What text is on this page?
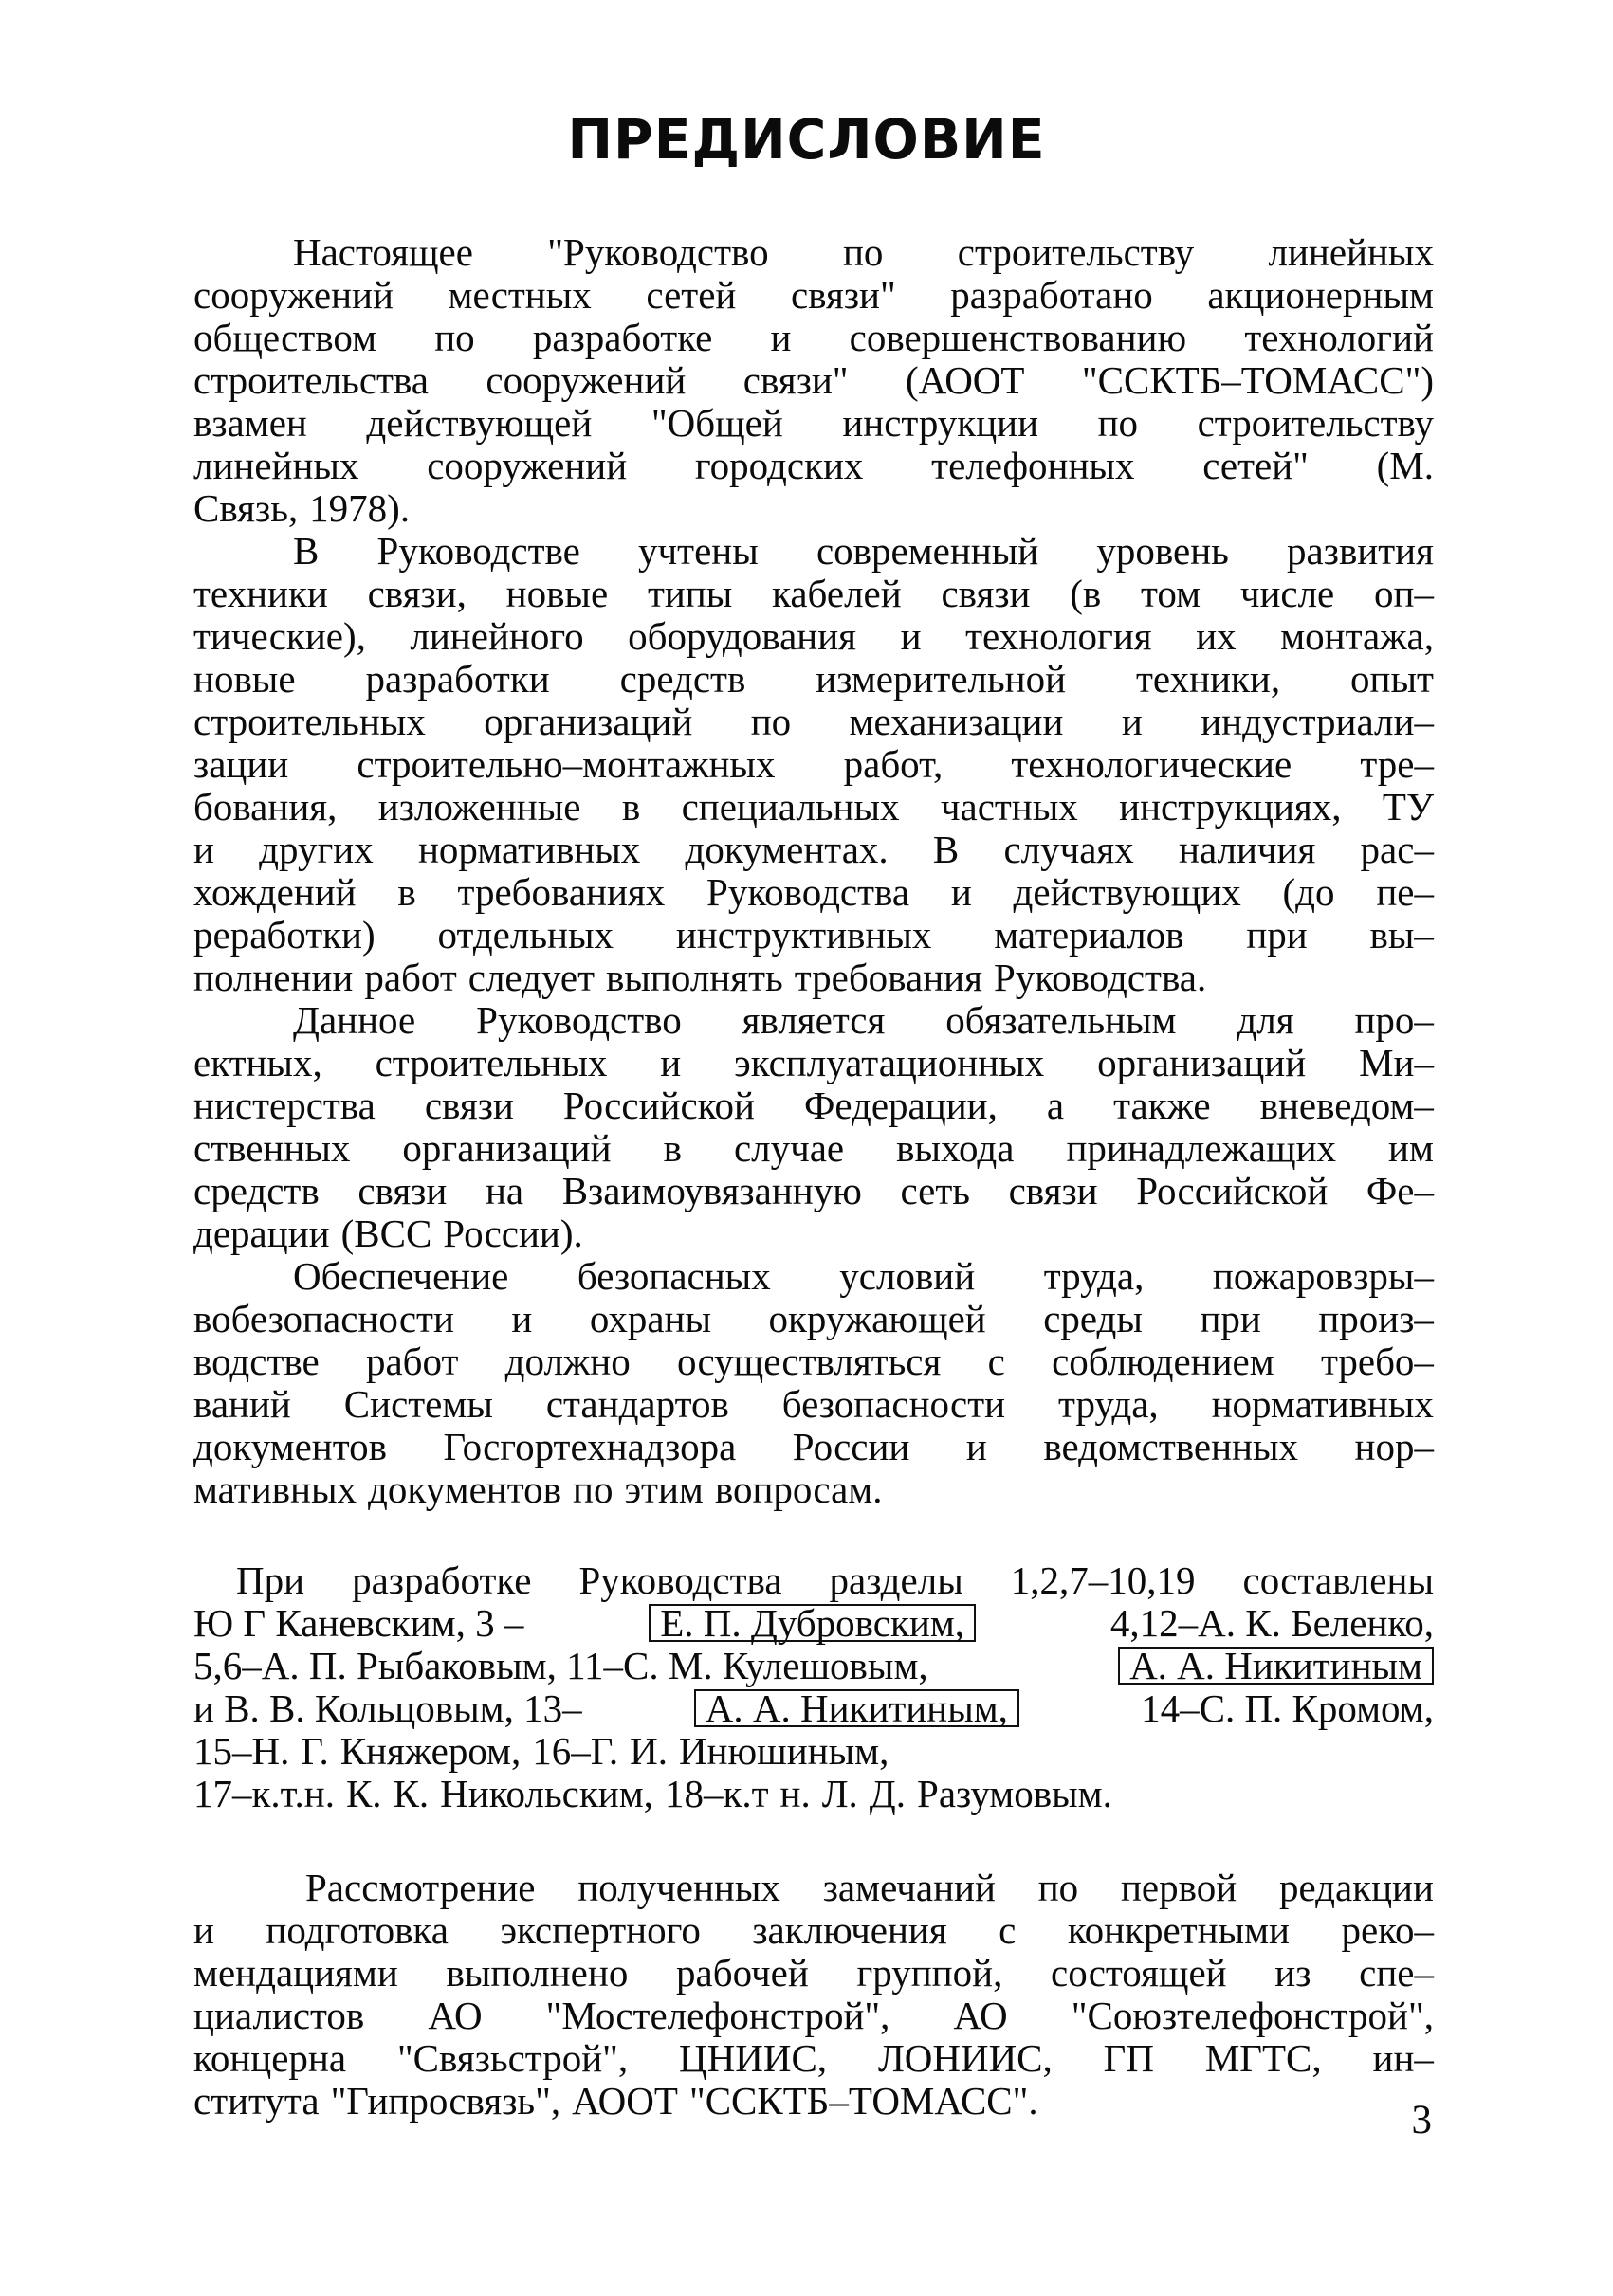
ПРЕДИСЛОВИЕ
Настоящее "Руководство по строительству линейных
сооружений местных сетей связи" разработано акционерным
обществом по разработке и совершенствованию технологий
строительства сооружений связи" (АООТ "ССКТБ–ТОМАСС")
взамен действующей "Общей инструкции по строительству
линейных сооружений городских телефонных сетей" (М.
Связь, 1978).
В Руководстве учтены современный уровень развития
техники связи, новые типы кабелей связи (в том числе оп–
тические), линейного оборудования и технология их монтажа,
новые разработки средств измерительной техники, опыт
строительных организаций по механизации и индустриали–
зации строительно–монтажных работ, технологические тре–
бования, изложенные в специальных частных инструкциях, ТУ
и других нормативных документах. В случаях наличия рас–
хождений в требованиях Руководства и действующих (до пе–
реработки) отдельных инструктивных материалов при вы–
полнении работ следует выполнять требования Руководства.
Данное Руководство является обязательным для про–
ектных, строительных и эксплуатационных организаций Ми–
нистерства связи Российской Федерации, а также вневедом–
ственных организаций в случае выхода принадлежащих им
средств связи на Взаимоувязанную сеть связи Российской Фе–
дерации (ВСС России).
Обеспечение безопасных условий труда, пожаровзры–
вобезопасности и охраны окружающей среды при произ–
водстве работ должно осуществляться с соблюдением требо–
ваний Системы стандартов безопасности труда, нормативных
документов Госгортехнадзора России и ведомственных нор–
мативных документов по этим вопросам.
При разработке Руководства разделы 1,2,7–10,19 составлены
Ю Г Каневским, 3 –	Е. П. Дубровским,	4,12–А. К. Беленко,
5,6–А. П. Рыбаковым, 11–С. М. Кулешовым,	А. А. Никитиным
и В. В. Кольцовым, 13–	А. А. Никитиным,	14–С. П. Кромом,
15–Н. Г. Княжером, 16–Г. И. Инюшиным,
17–к.т.н. К. К. Никольским, 18–к.т н. Л. Д. Разумовым.
Рассмотрение полученных замечаний по первой редакции
и подготовка экспертного заключения с конкретными реко–
мендациями выполнено рабочей группой, состоящей из спе–
циалистов АО "Мостелефонстрой", АО "Союзтелефонстрой",
концерна "Связьстрой", ЦНИИС, ЛОНИИС, ГП МГТС, ин–
ститута "Гипросвязь", АООТ "ССКТБ–ТОМАСС".	3
